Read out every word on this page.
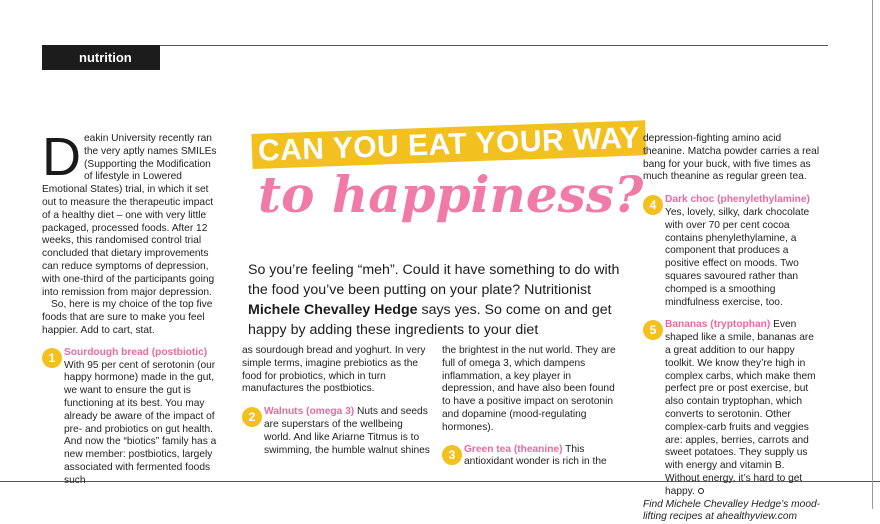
nutrition

Deakin University recently ran the very aptly names SMILEs (Supporting the Modification of lifestyle in Lowered Emotional States) trial, in which it set out to measure the therapeutic impact of a healthy diet – one with very little packaged, processed foods. After 12 weeks, this randomised control trial concluded that dietary improvements can reduce symptoms of depression, with one-third of the participants going into remission from major depression.

So, here is my choice of the top five foods that are sure to make you feel happier. Add to cart, stat.

1 Sourdough bread (postbiotic)

With 95 per cent of serotonin (our happy hormone) made in the gut, we want to ensure the gut is functioning at its best. You may already be aware of the impact of pre- and probiotics on gut health. And now the “biotics” family has a new member: postbiotics, largely associated with fermented foods such

CAN YOU EAT YOUR WAY
to happiness?

So you’re feeling “meh”. Could it have something to do with the food you’ve been putting on your plate? Nutritionist Michele Chevalley Hedge says yes. So come on and get happy by adding these ingredients to your diet

as sourdough bread and yoghurt. In very simple terms, imagine prebiotics as the food for probiotics, which in turn manufactures the postbiotics.

2 Walnuts (omega 3) Nuts and seeds are superstars of the wellbeing world. And like Ariarne Titmus is to swimming, the humble walnut shines

the brightest in the nut world. They are full of omega 3, which dampens inflammation, a key player in depression, and have also been found to have a positive impact on serotonin and dopamine (mood-regulating hormones).

3 Green tea (theanine) This antioxidant wonder is rich in the

depression-fighting amino acid theanine. Matcha powder carries a real bang for your buck, with five times as much theanine as regular green tea.

4 Dark choc (phenylethylamine) Yes, lovely, silky, dark chocolate with over 70 per cent cocoa contains phenylethylamine, a component that produces a positive effect on moods. Two squares savoured rather than chomped is a smoothing mindfulness exercise, too.
5 Bananas (tryptophan) Even shaped like a smile, bananas are a great addition to our happy toolkit. We know they’re high in complex carbs, which make them perfect pre or post exercise, but also contain tryptophan, which converts to serotonin. Other complex-carb fruits and veggies are: apples, berries, carrots and sweet potatoes. They supply us with energy and vitamin B. Without energy, it’s hard to get happy.

Find Michele Chevalley Hedge’s mood-lifting recipes at ahealthyview.com
